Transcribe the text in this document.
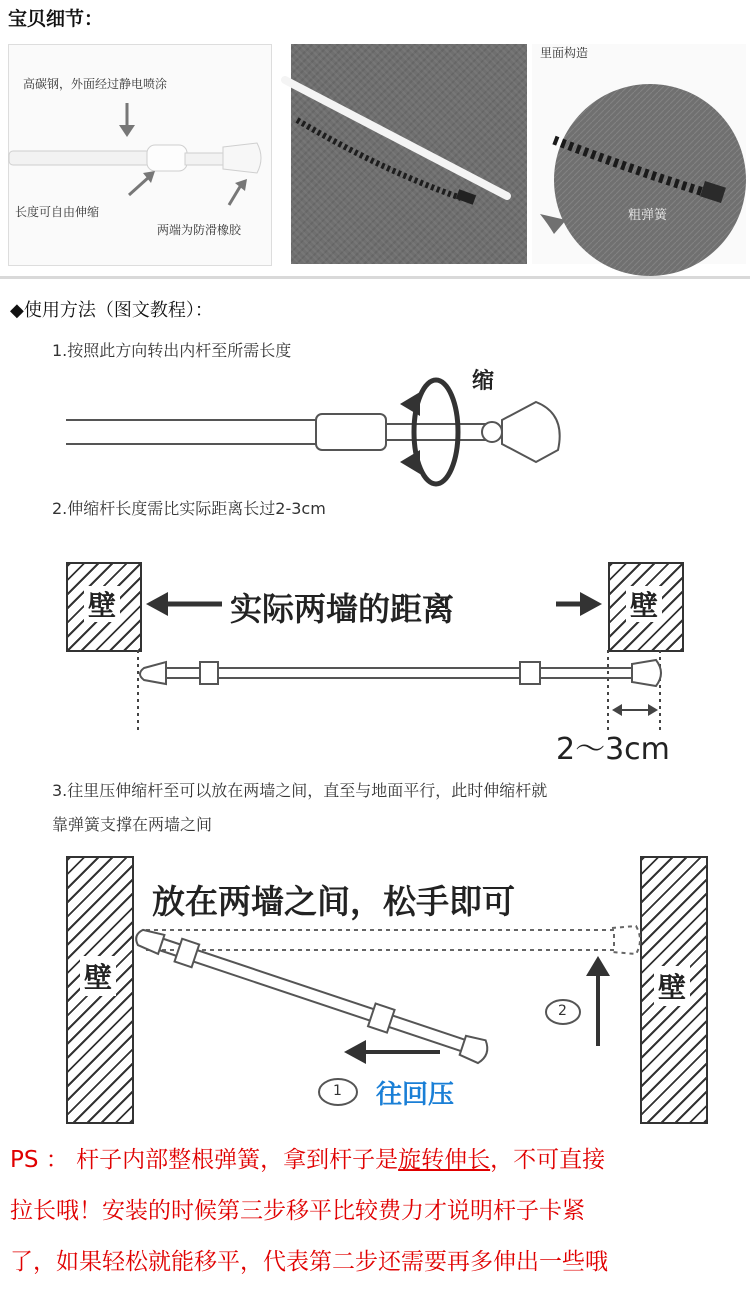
宝贝细节：
高碳钢，外面经过静电喷涂
长度可自由伸缩
两端为防滑橡胶
里面构造
粗弹簧
◆使用方法（图文教程）：
1.按照此方向转出内杆至所需长度
缩
2.伸缩杆长度需比实际距离长过2-3cm
壁	壁
实际两墙的距离
2～3cm
3.往里压伸缩杆至可以放在两墙之间，直至与地面平行，此时伸缩杆就
靠弹簧支撑在两墙之间
壁	壁
放在两墙之间，松手即可
2
1 往回压
PS ： 杆子内部整根弹簧，拿到杆子是旋转伸长，不可直接
拉长哦！安装的时候第三步移平比较费力才说明杆子卡紧
了，如果轻松就能移平，代表第二步还需要再多伸出一些哦
